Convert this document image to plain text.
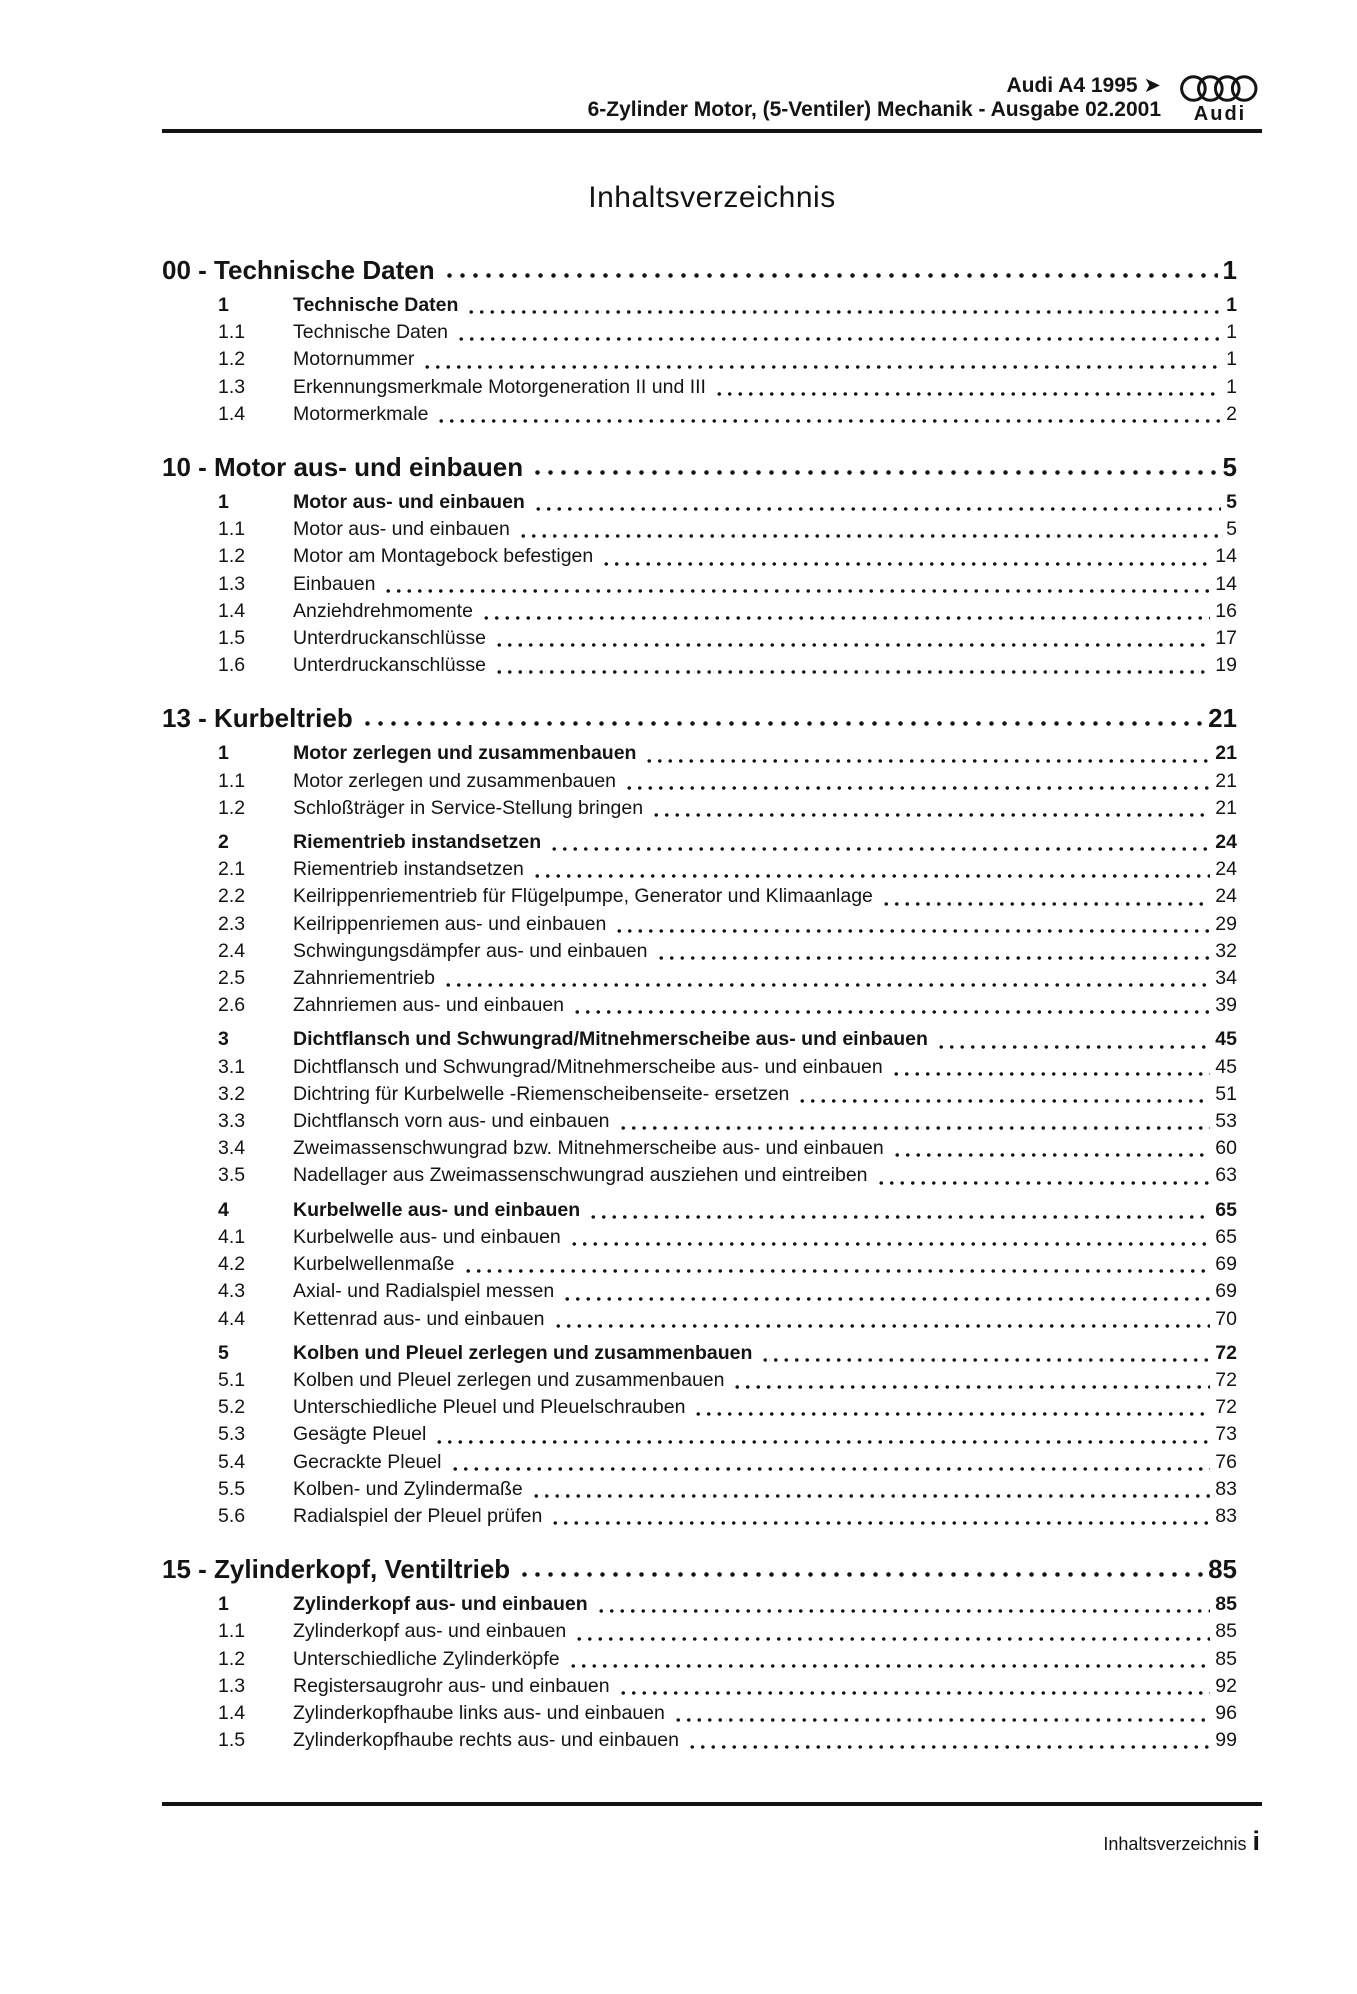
Audi A4 1995 ➤
6-Zylinder Motor, (5-Ventiler) Mechanik - Ausgabe 02.2001 Audi
Inhaltsverzeichnis
00 - Technische Daten	1
1	Technische Daten	1
1.1	Technische Daten	1
1.2	Motornummer	1
1.3	Erkennungsmerkmale Motorgeneration II und III	1
1.4	Motormerkmale	2
10 - Motor aus- und einbauen	5
1	Motor aus- und einbauen	5
1.1	Motor aus- und einbauen	5
1.2	Motor am Montagebock befestigen	14
1.3	Einbauen	14
1.4	Anziehdrehmomente	16
1.5	Unterdruckanschlüsse	17
1.6	Unterdruckanschlüsse	19
13 - Kurbeltrieb	21
1	Motor zerlegen und zusammenbauen	21
1.1	Motor zerlegen und zusammenbauen	21
1.2	Schloßträger in Service-Stellung bringen	21
2	Riementrieb instandsetzen	24
2.1	Riementrieb instandsetzen	24
2.2	Keilrippenriementrieb für Flügelpumpe, Generator und Klimaanlage	24
2.3	Keilrippenriemen aus- und einbauen	29
2.4	Schwingungsdämpfer aus- und einbauen	32
2.5	Zahnriementrieb	34
2.6	Zahnriemen aus- und einbauen	39
3	Dichtflansch und Schwungrad/Mitnehmerscheibe aus- und einbauen	45
3.1	Dichtflansch und Schwungrad/Mitnehmerscheibe aus- und einbauen	45
3.2	Dichtring für Kurbelwelle -Riemenscheibenseite- ersetzen	51
3.3	Dichtflansch vorn aus- und einbauen	53
3.4	Zweimassenschwungrad bzw. Mitnehmerscheibe aus- und einbauen	60
3.5	Nadellager aus Zweimassenschwungrad ausziehen und eintreiben	63
4	Kurbelwelle aus- und einbauen	65
4.1	Kurbelwelle aus- und einbauen	65
4.2	Kurbelwellenmaße	69
4.3	Axial- und Radialspiel messen	69
4.4	Kettenrad aus- und einbauen	70
5	Kolben und Pleuel zerlegen und zusammenbauen	72
5.1	Kolben und Pleuel zerlegen und zusammenbauen	72
5.2	Unterschiedliche Pleuel und Pleuelschrauben	72
5.3	Gesägte Pleuel	73
5.4	Gecrackte Pleuel	76
5.5	Kolben- und Zylindermaße	83
5.6	Radialspiel der Pleuel prüfen	83
15 - Zylinderkopf, Ventiltrieb	85
1	Zylinderkopf aus- und einbauen	85
1.1	Zylinderkopf aus- und einbauen	85
1.2	Unterschiedliche Zylinderköpfe	85
1.3	Registersaugrohr aus- und einbauen	92
1.4	Zylinderkopfhaube links aus- und einbauen	96
1.5	Zylinderkopfhaube rechts aus- und einbauen	99
Inhaltsverzeichnis i
